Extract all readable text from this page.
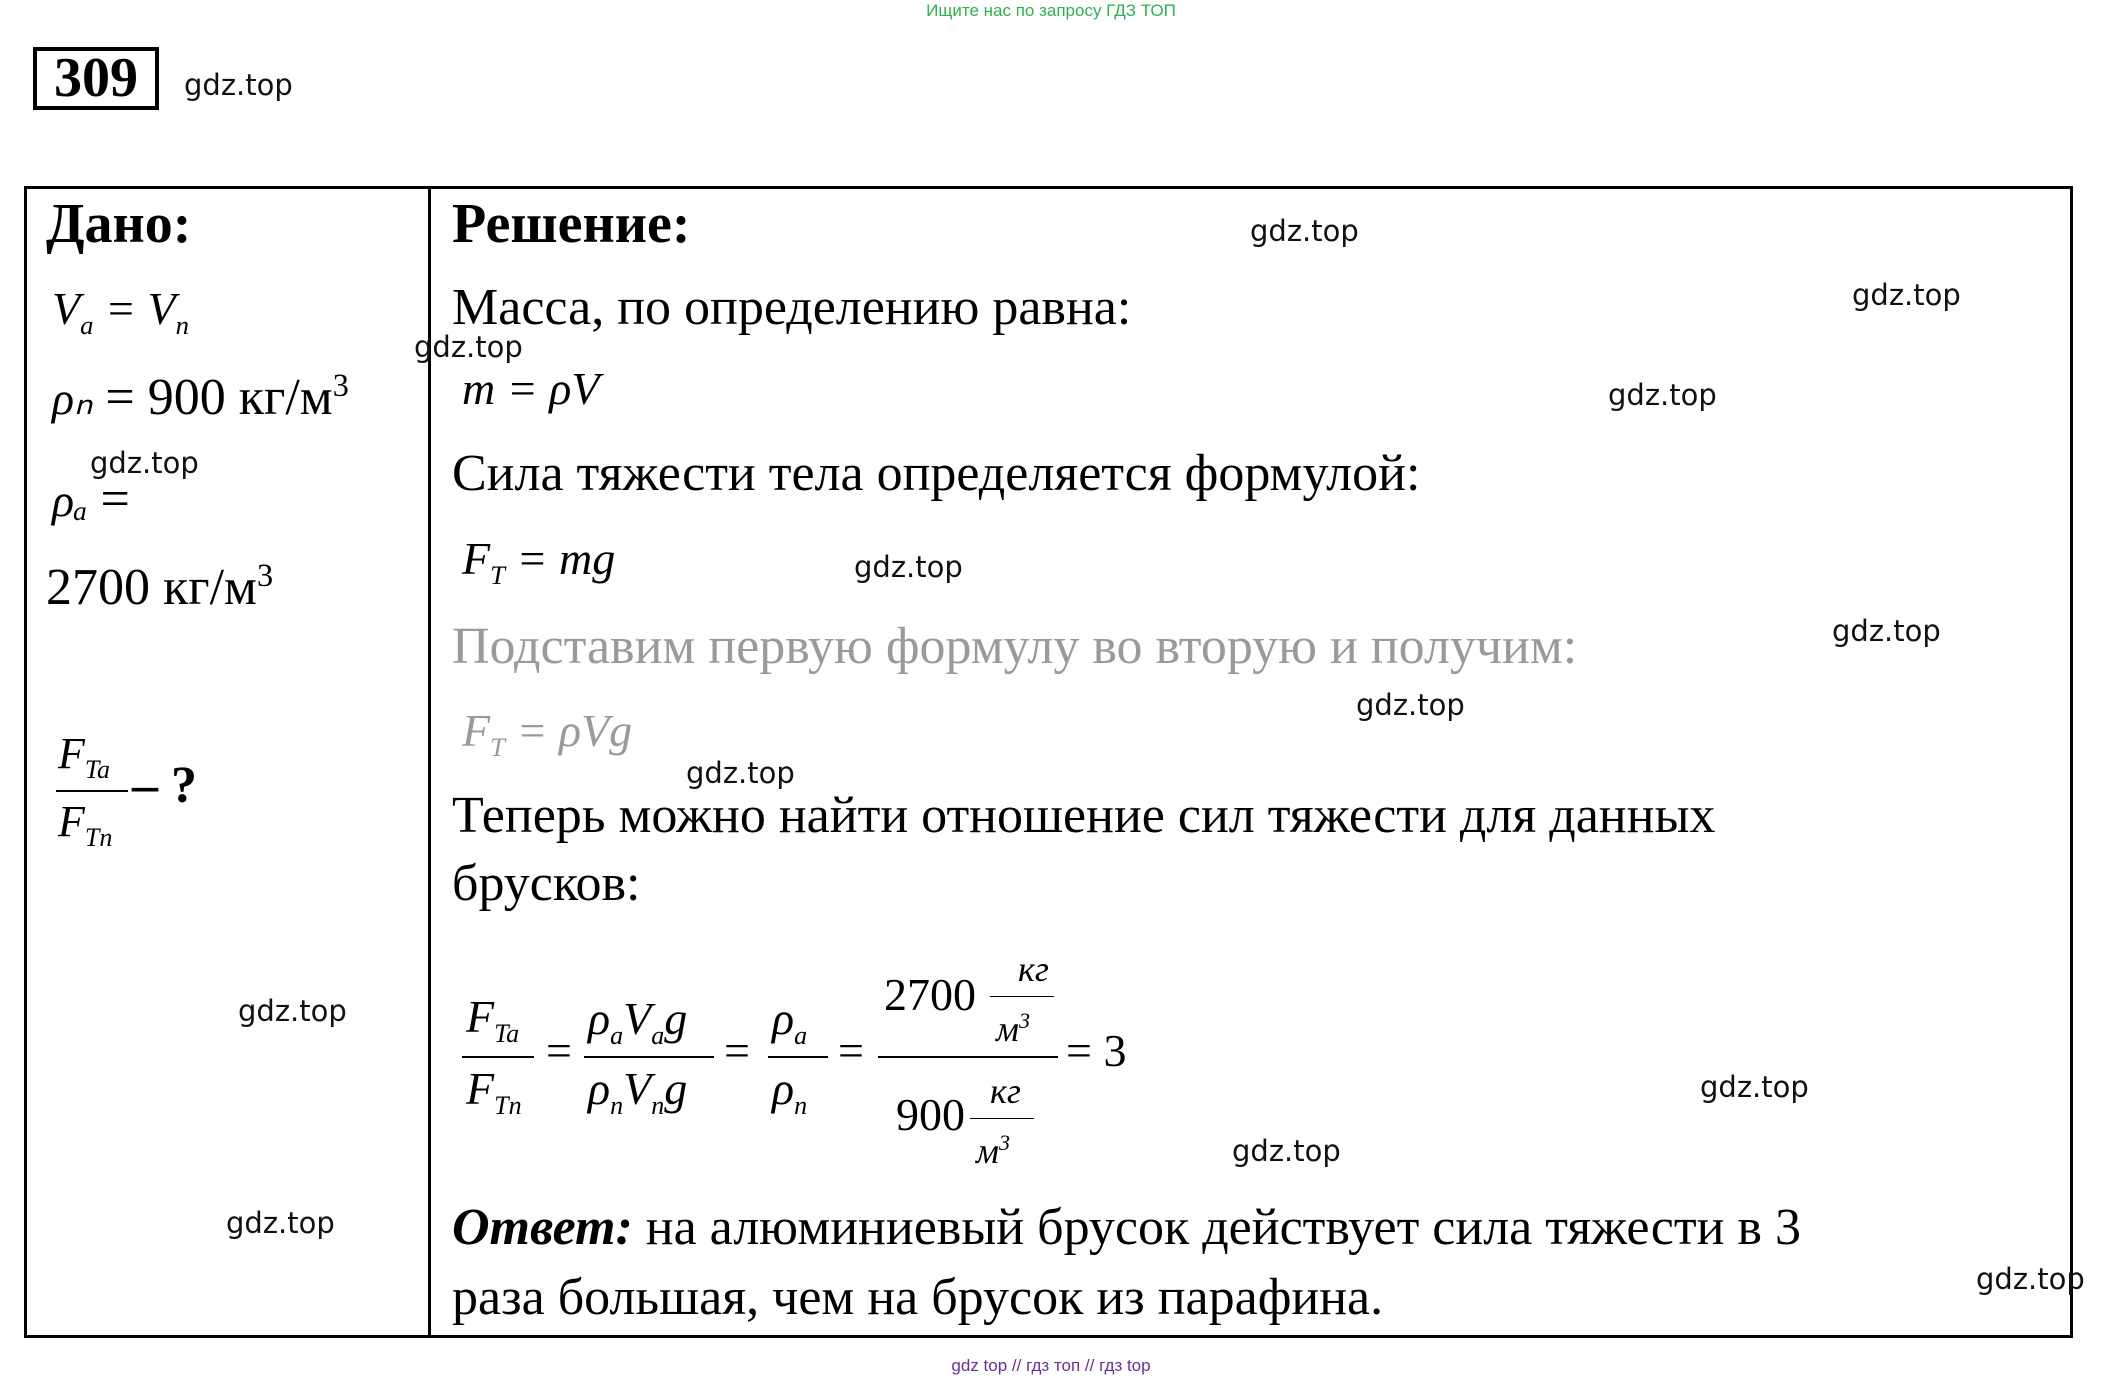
Ищите нас по запросу ГДЗ ТОП
309	gdz.top
Дано:
$V_a = V_n$
ρₙ = 900 $кг/м^3$
ρₐ =
2700 $кг/м^3$
$F_{Ta}$
$F_{Tn}$
– ?
Решение:
Масса, по определению равна:
m = ρV
Сила тяжести тела определяется формулой:
$F_T$ = mg
Подставим первую формулу во вторую и получим:
$F_T = \rho Vg$
Теперь можно найти отношение сил тяжести для данных
брусков:
$F_{Ta}$
$F_{Tn}$
=
$\rho_aV_ag$
$\rho_nV_ng$
=
$\rho_a$
$\rho_n$
=
2700 кг
$м^3$
900 кг
$м^3$
= 3
Ответ: на алюминиевый брусок действует сила тяжести в 3
раза большая, чем на брусок из парафина.
gdz.top
gdz.top
gdz.top
gdz.top
gdz.top
gdz.top
gdz.top
gdz.top
gdz.top
gdz.top
gdz.top
gdz.top
gdz.top
gdz.top
gdz top // гдз топ // гдз top
